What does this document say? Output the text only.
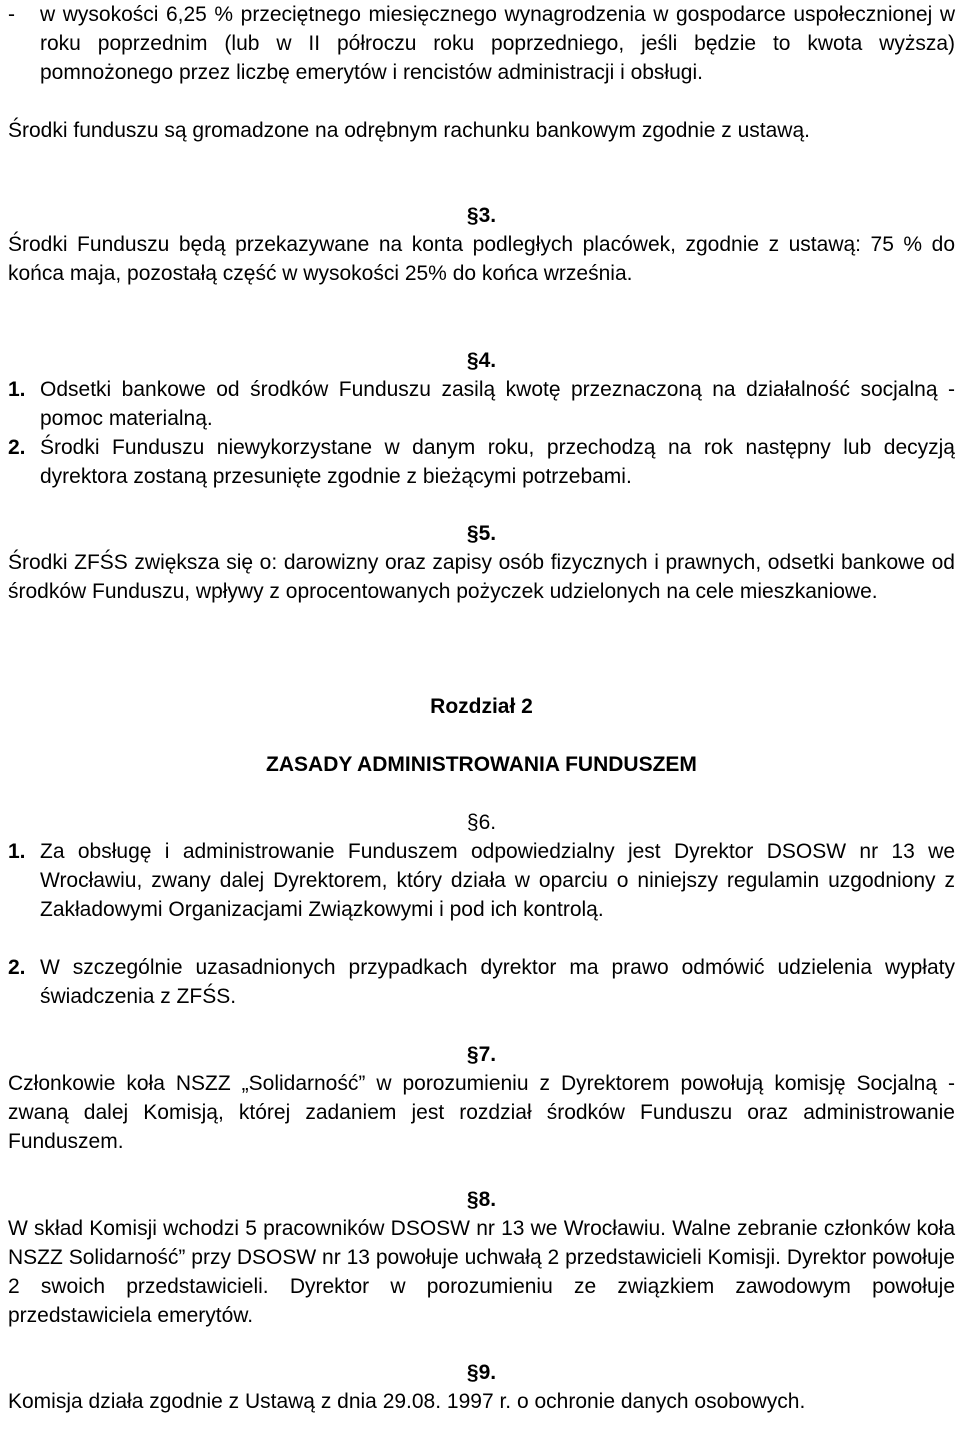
- w wysokości 6,25 % przeciętnego miesięcznego wynagrodzenia w gospodarce uspołecznionej w roku poprzednim (lub w II półroczu roku poprzedniego, jeśli będzie to kwota wyższa) pomnożonego przez liczbę emerytów i rencistów administracji i obsługi.

Środki funduszu są gromadzone na odrębnym rachunku bankowym zgodnie z ustawą.

§3.

Środki Funduszu będą przekazywane na konta podległych placówek, zgodnie z ustawą: 75 % do końca maja, pozostałą część w wysokości 25% do końca września.

§4.
1. Odsetki bankowe od środków Funduszu zasilą kwotę przeznaczoną na działalność socjalną - pomoc materialną.

2. Środki Funduszu niewykorzystane w danym roku, przechodzą na rok następny lub decyzją dyrektora zostaną przesunięte zgodnie z bieżącymi potrzebami.

§5.

Środki ZFŚS zwiększa się o: darowizny oraz zapisy osób fizycznych i prawnych, odsetki bankowe od środków Funduszu, wpływy z oprocentowanych pożyczek udzielonych na cele mieszkaniowe.

Rozdział 2
ZASADY ADMINISTROWANIA FUNDUSZEM
§6.
1. Za obsługę i administrowanie Funduszem odpowiedzialny jest Dyrektor DSOSW nr 13 we Wrocławiu, zwany dalej Dyrektorem, który działa w oparciu o niniejszy regulamin uzgodniony z Zakładowymi Organizacjami Związkowymi i pod ich kontrolą.

2. W szczególnie uzasadnionych przypadkach dyrektor ma prawo odmówić udzielenia wypłaty świadczenia z ZFŚS.

§7.

Członkowie koła NSZZ „Solidarność” w porozumieniu z Dyrektorem powołują komisję Socjalną - zwaną dalej Komisją, której zadaniem jest rozdział środków Funduszu oraz administrowanie Funduszem.

§8.

W skład Komisji wchodzi 5 pracowników DSOSW nr 13 we Wrocławiu. Walne zebranie członków koła NSZZ Solidarność” przy DSOSW nr 13 powołuje uchwałą 2 przedstawicieli Komisji. Dyrektor powołuje 2 swoich przedstawicieli. Dyrektor w porozumieniu ze związkiem zawodowym powołuje przedstawiciela emerytów.

§9.

Komisja działa zgodnie z Ustawą z dnia 29.08. 1997 r. o ochronie danych osobowych.
